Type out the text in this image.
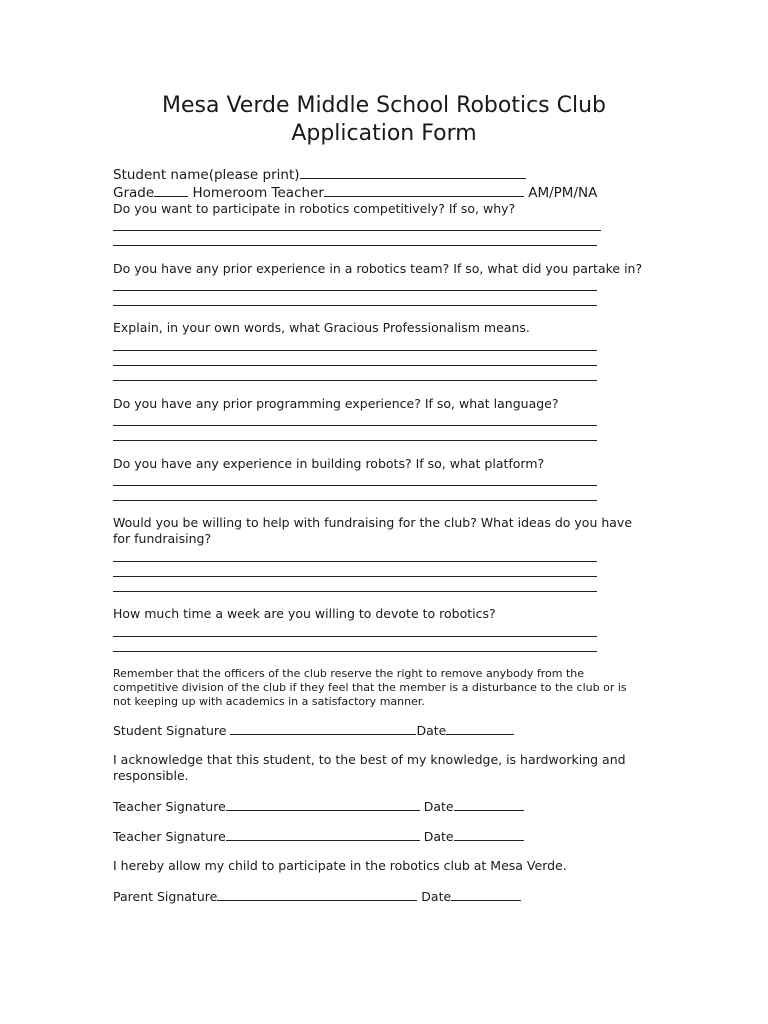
Mesa Verde Middle School Robotics Club
Application Form
Student name(please print)
Grade	Homeroom Teacher	AM/PM/NA
Do you want to participate in robotics competitively? If so, why?
Do you have any prior experience in a robotics team? If so, what did you partake in?
Explain, in your own words, what Gracious Professionalism means.
Do you have any prior programming experience? If so, what language?
Do you have any experience in building robots? If so, what platform?
Would you be willing to help with fundraising for the club? What ideas do you have
for fundraising?
How much time a week are you willing to devote to robotics?
Remember that the officers of the club reserve the right to remove anybody from the
competitive division of the club if they feel that the member is a disturbance to the club or is
not keeping up with academics in a satisfactory manner.
Student Signature	Date
I acknowledge that this student, to the best of my knowledge, is hardworking and
responsible.
Teacher Signature	Date
Teacher Signature	Date
I hereby allow my child to participate in the robotics club at Mesa Verde.
Parent Signature	Date
